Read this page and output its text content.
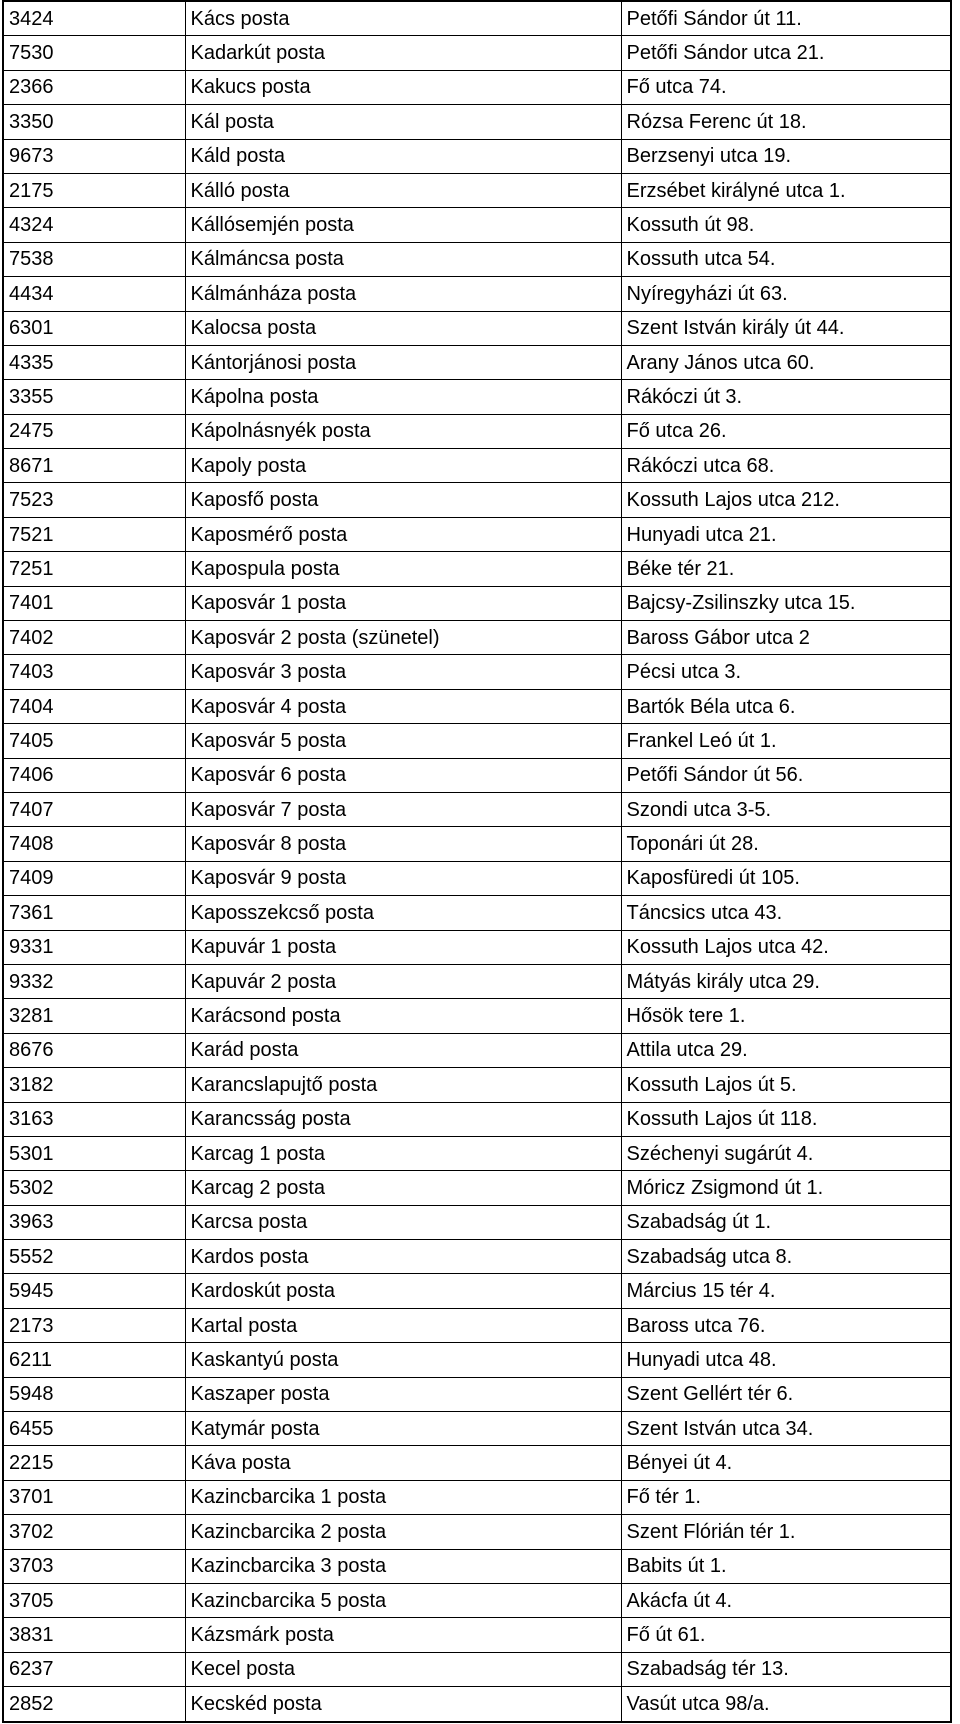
3424	Kács posta	Petőfi Sándor út 11.
7530	Kadarkút posta	Petőfi Sándor utca 21.
2366	Kakucs posta	Fő utca 74.
3350	Kál posta	Rózsa Ferenc út 18.
9673	Káld posta	Berzsenyi utca 19.
2175	Kálló posta	Erzsébet királyné utca 1.
4324	Kállósemjén posta	Kossuth út 98.
7538	Kálmáncsa posta	Kossuth utca 54.
4434	Kálmánháza posta	Nyíregyházi út 63.
6301	Kalocsa posta	Szent István király út 44.
4335	Kántorjánosi posta	Arany János utca 60.
3355	Kápolna posta	Rákóczi út 3.
2475	Kápolnásnyék posta	Fő utca 26.
8671	Kapoly posta	Rákóczi utca 68.
7523	Kaposfő posta	Kossuth Lajos utca 212.
7521	Kaposmérő posta	Hunyadi utca 21.
7251	Kapospula posta	Béke tér 21.
7401	Kaposvár 1 posta	Bajcsy-Zsilinszky utca 15.
7402	Kaposvár 2 posta (szünetel)	Baross Gábor utca 2
7403	Kaposvár 3 posta	Pécsi utca 3.
7404	Kaposvár 4 posta	Bartók Béla utca 6.
7405	Kaposvár 5 posta	Frankel Leó út 1.
7406	Kaposvár 6 posta	Petőfi Sándor út 56.
7407	Kaposvár 7 posta	Szondi utca 3-5.
7408	Kaposvár 8 posta	Toponári út 28.
7409	Kaposvár 9 posta	Kaposfüredi út 105.
7361	Kaposszekcső posta	Táncsics utca 43.
9331	Kapuvár 1 posta	Kossuth Lajos utca 42.
9332	Kapuvár 2 posta	Mátyás király utca 29.
3281	Karácsond posta	Hősök tere 1.
8676	Karád posta	Attila utca 29.
3182	Karancslapujtő posta	Kossuth Lajos út 5.
3163	Karancsság posta	Kossuth Lajos út 118.
5301	Karcag 1 posta	Széchenyi sugárút 4.
5302	Karcag 2 posta	Móricz Zsigmond út 1.
3963	Karcsa posta	Szabadság út 1.
5552	Kardos posta	Szabadság utca 8.
5945	Kardoskút posta	Március 15 tér 4.
2173	Kartal posta	Baross utca 76.
6211	Kaskantyú posta	Hunyadi utca 48.
5948	Kaszaper posta	Szent Gellért tér 6.
6455	Katymár posta	Szent István utca 34.
2215	Káva posta	Bényei út 4.
3701	Kazincbarcika 1 posta	Fő tér 1.
3702	Kazincbarcika 2 posta	Szent Flórián tér 1.
3703	Kazincbarcika 3 posta	Babits út 1.
3705	Kazincbarcika 5 posta	Akácfa út 4.
3831	Kázsmárk posta	Fő út 61.
6237	Kecel posta	Szabadság tér 13.
2852	Kecskéd posta	Vasút utca 98/a.
